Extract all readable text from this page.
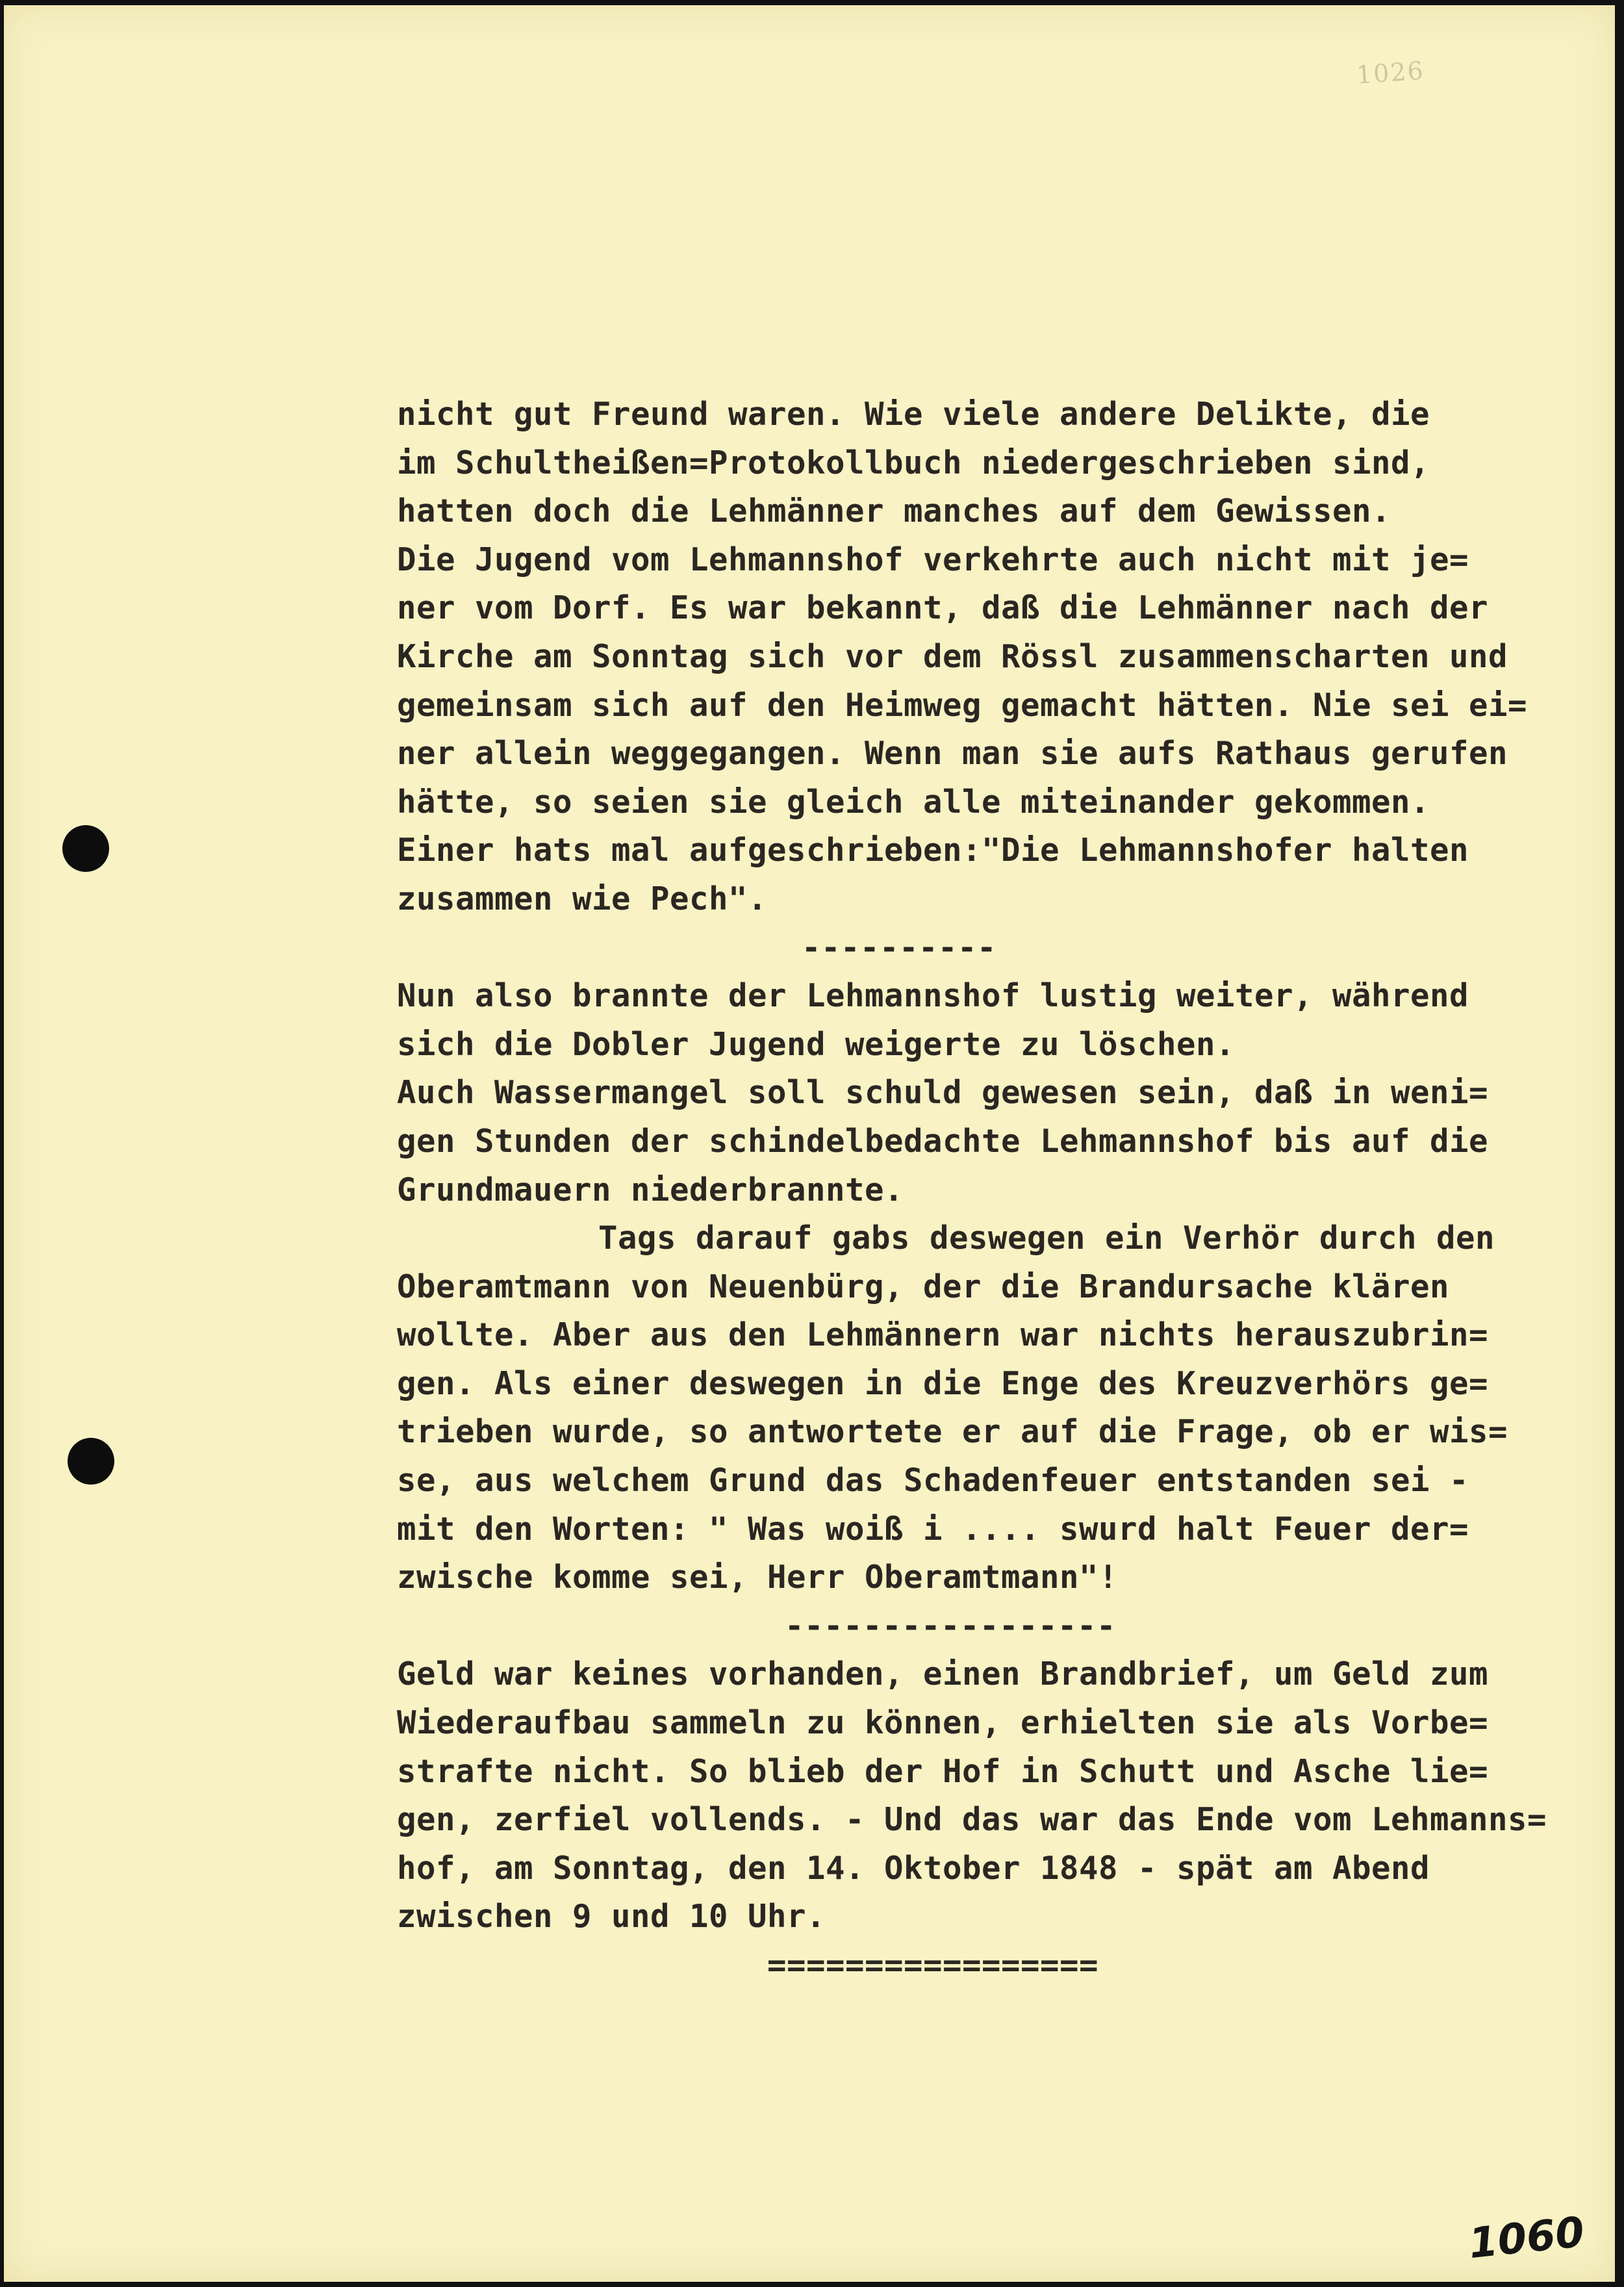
1026
nicht gut Freund waren. Wie viele andere Delikte, die
im Schultheißen=Protokollbuch niedergeschrieben sind,
hatten doch die Lehmänner manches auf dem Gewissen.
Die Jugend vom Lehmannshof verkehrte auch nicht mit je=
ner vom Dorf. Es war bekannt, daß die Lehmänner nach der
Kirche am Sonntag sich vor dem Rössl zusammenscharten und
gemeinsam sich auf den Heimweg gemacht hätten. Nie sei ei=
ner allein weggegangen. Wenn man sie aufs Rathaus gerufen
hätte, so seien sie gleich alle miteinander gekommen.
Einer hats mal aufgeschrieben:"Die Lehmannshofer halten
zusammen wie Pech".
----------
Nun also brannte der Lehmannshof lustig weiter, während
sich die Dobler Jugend weigerte zu löschen.
Auch Wassermangel soll schuld gewesen sein, daß in weni=
gen Stunden der schindelbedachte Lehmannshof bis auf die
Grundmauern niederbrannte.
Tags darauf gabs deswegen ein Verhör durch den
Oberamtmann von Neuenbürg, der die Brandursache klären
wollte. Aber aus den Lehmännern war nichts herauszubrin=
gen. Als einer deswegen in die Enge des Kreuzverhörs ge=
trieben wurde, so antwortete er auf die Frage, ob er wis=
se, aus welchem Grund das Schadenfeuer entstanden sei -
mit den Worten: " Was woiß i .... swurd halt Feuer der=
zwische komme sei, Herr Oberamtmann"!
-----------------
Geld war keines vorhanden, einen Brandbrief, um Geld zum
Wiederaufbau sammeln zu können, erhielten sie als Vorbe=
strafte nicht. So blieb der Hof in Schutt und Asche lie=
gen, zerfiel vollends. - Und das war das Ende vom Lehmanns=
hof, am Sonntag, den 14. Oktober 1848 - spät am Abend
zwischen 9 und 10 Uhr.
=================
1060
